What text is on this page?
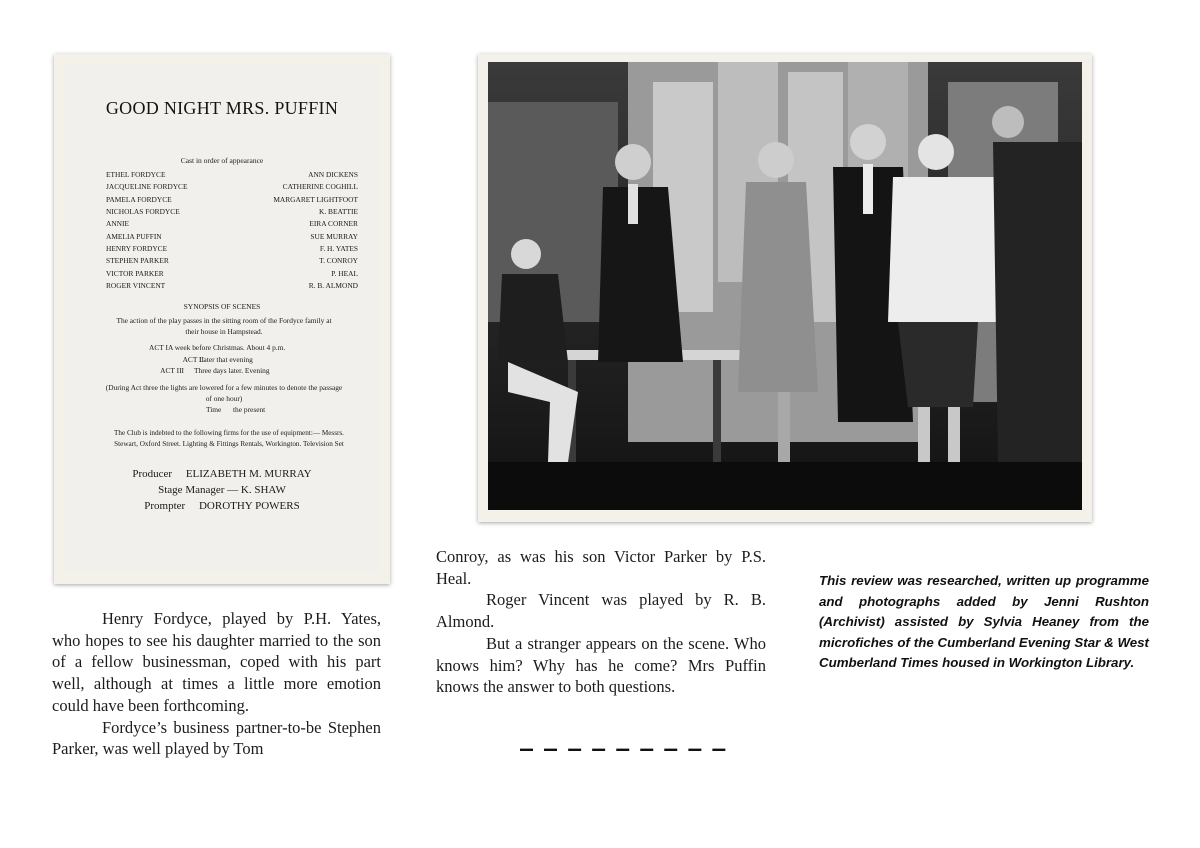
GOOD NIGHT MRS. PUFFIN
Cast in order of appearance
ETHEL FORDYCE	ANN DICKENS
JACQUELINE FORDYCE	CATHERINE COGHILL
PAMELA FORDYCE	MARGARET LIGHTFOOT
NICHOLAS FORDYCE	K. BEATTIE
ANNIE	EIRA CORNER
AMELIA PUFFIN	SUE MURRAY
HENRY FORDYCE	F. H. YATES
STEPHEN PARKER	T. CONROY
VICTOR PARKER	P. HEAL
ROGER VINCENT	R. B. ALMOND
SYNOPSIS OF SCENES
The action of the play passes in the sitting room of the Fordyce family at their house in Hampstead.
ACT I A week before Christmas. About 4 p.m.
ACT II
Later that evening
ACT III Three days later. Evening
(During Act three the lights are lowered for a few minutes to denote the passage of one hour)
Time the present
The Club is indebted to the following firms for the use of equipment:— Messrs. Stewart, Oxford Street. Lighting & Fittings Rentals, Workington. Television Set
Producer     ELIZABETH M. MURRAY
Stage Manager — K. SHAW
Prompter     DOROTHY POWERS

Henry Fordyce, played by P.H. Yates, who hopes to see his daughter married to the son of a fellow businessman, coped with his part well, although at times a little more emotion could have been forthcoming.

Fordyce’s business partner-to-be Stephen Parker, was well played by Tom

Conroy, as was his son Victor Parker by P.S. Heal.

Roger Vincent was played by R. B. Almond.

But a stranger appears on the scene. Who knows him? Why has he come? Mrs Puffin knows the answer to both questions.

_ _ _ _ _ _ _ _ _
This review was researched, written up programme and photographs added by Jenni Rushton (Archivist) assisted by Sylvia Heaney from the microfiches of the Cumberland Evening Star & West Cumberland Times housed in Workington Library.
